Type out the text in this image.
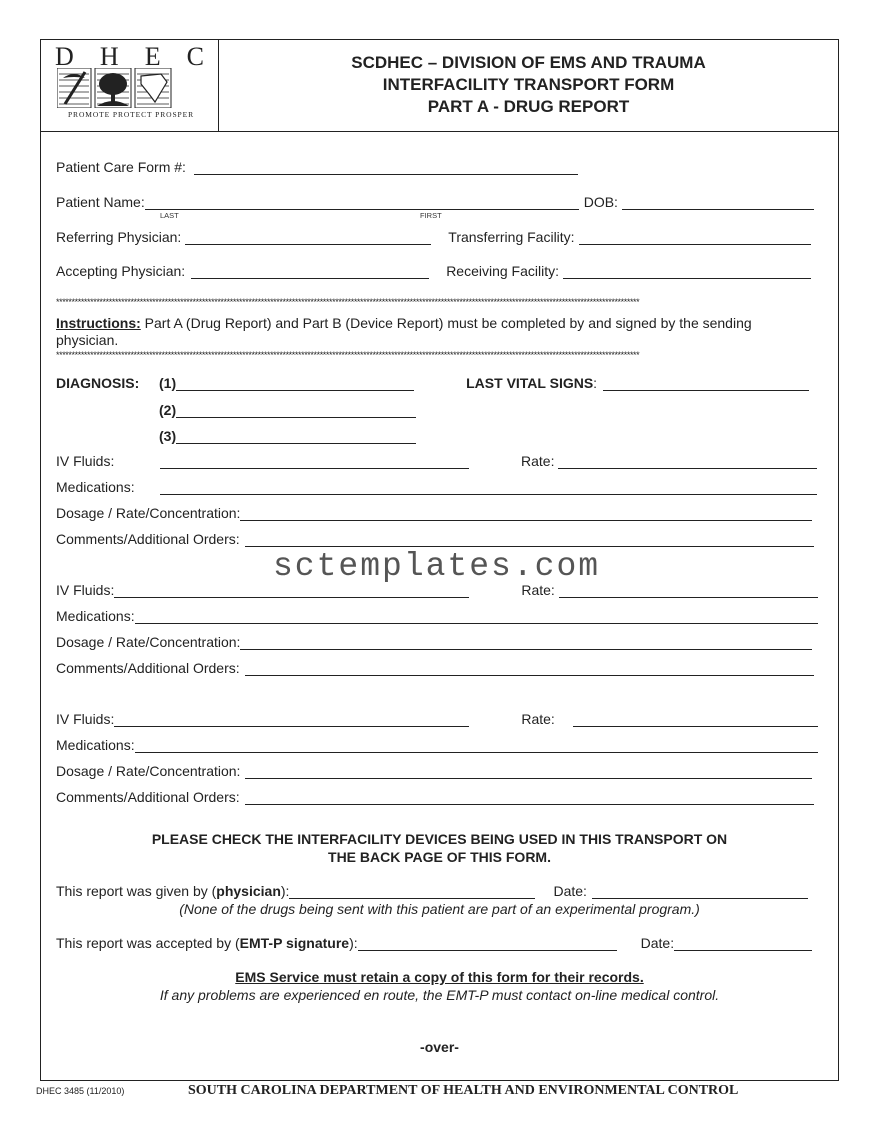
D H E C
PROMOTE PROTECT PROSPER
SCDHEC – DIVISION OF EMS AND TRAUMA
INTERFACILITY TRANSPORT FORM
PART A - DRUG REPORT
Patient Care Form #:
Patient Name:	DOB:
LAST	FIRST
Referring Physician:	Transferring Facility:
Accepting Physician:	Receiving Facility:
********************************************************************************************************************************************************************************************
Instructions: Part A (Drug Report) and Part B (Device Report) must be completed by and signed by the sending physician.
********************************************************************************************************************************************************************************************
DIAGNOSIS:	(1)	LAST VITAL SIGNS :
(2)
(3)
IV Fluids:	Rate:
Medications:
Dosage / Rate/Concentration:
Comments/Additional Orders:
sctemplates.com
IV Fluids:	Rate:
Medications:
Dosage / Rate/Concentration:
Comments/Additional Orders:
IV Fluids:	Rate:
Medications:
Dosage / Rate/Concentration:
Comments/Additional Orders:
PLEASE CHECK THE INTERFACILITY DEVICES BEING USED IN THIS TRANSPORT ON
THE BACK PAGE OF THIS FORM.
This report was given by ( physician ):	Date:
(None of the drugs being sent with this patient are part of an experimental program.)
This report was accepted by ( EMT-P signature ):	Date:
EMS Service must retain a copy of this form for their records.
If any problems are experienced en route, the EMT-P must contact on-line medical control.
-over-
DHEC 3485 (11/2010)	SOUTH CAROLINA DEPARTMENT OF HEALTH AND ENVIRONMENTAL CONTROL
